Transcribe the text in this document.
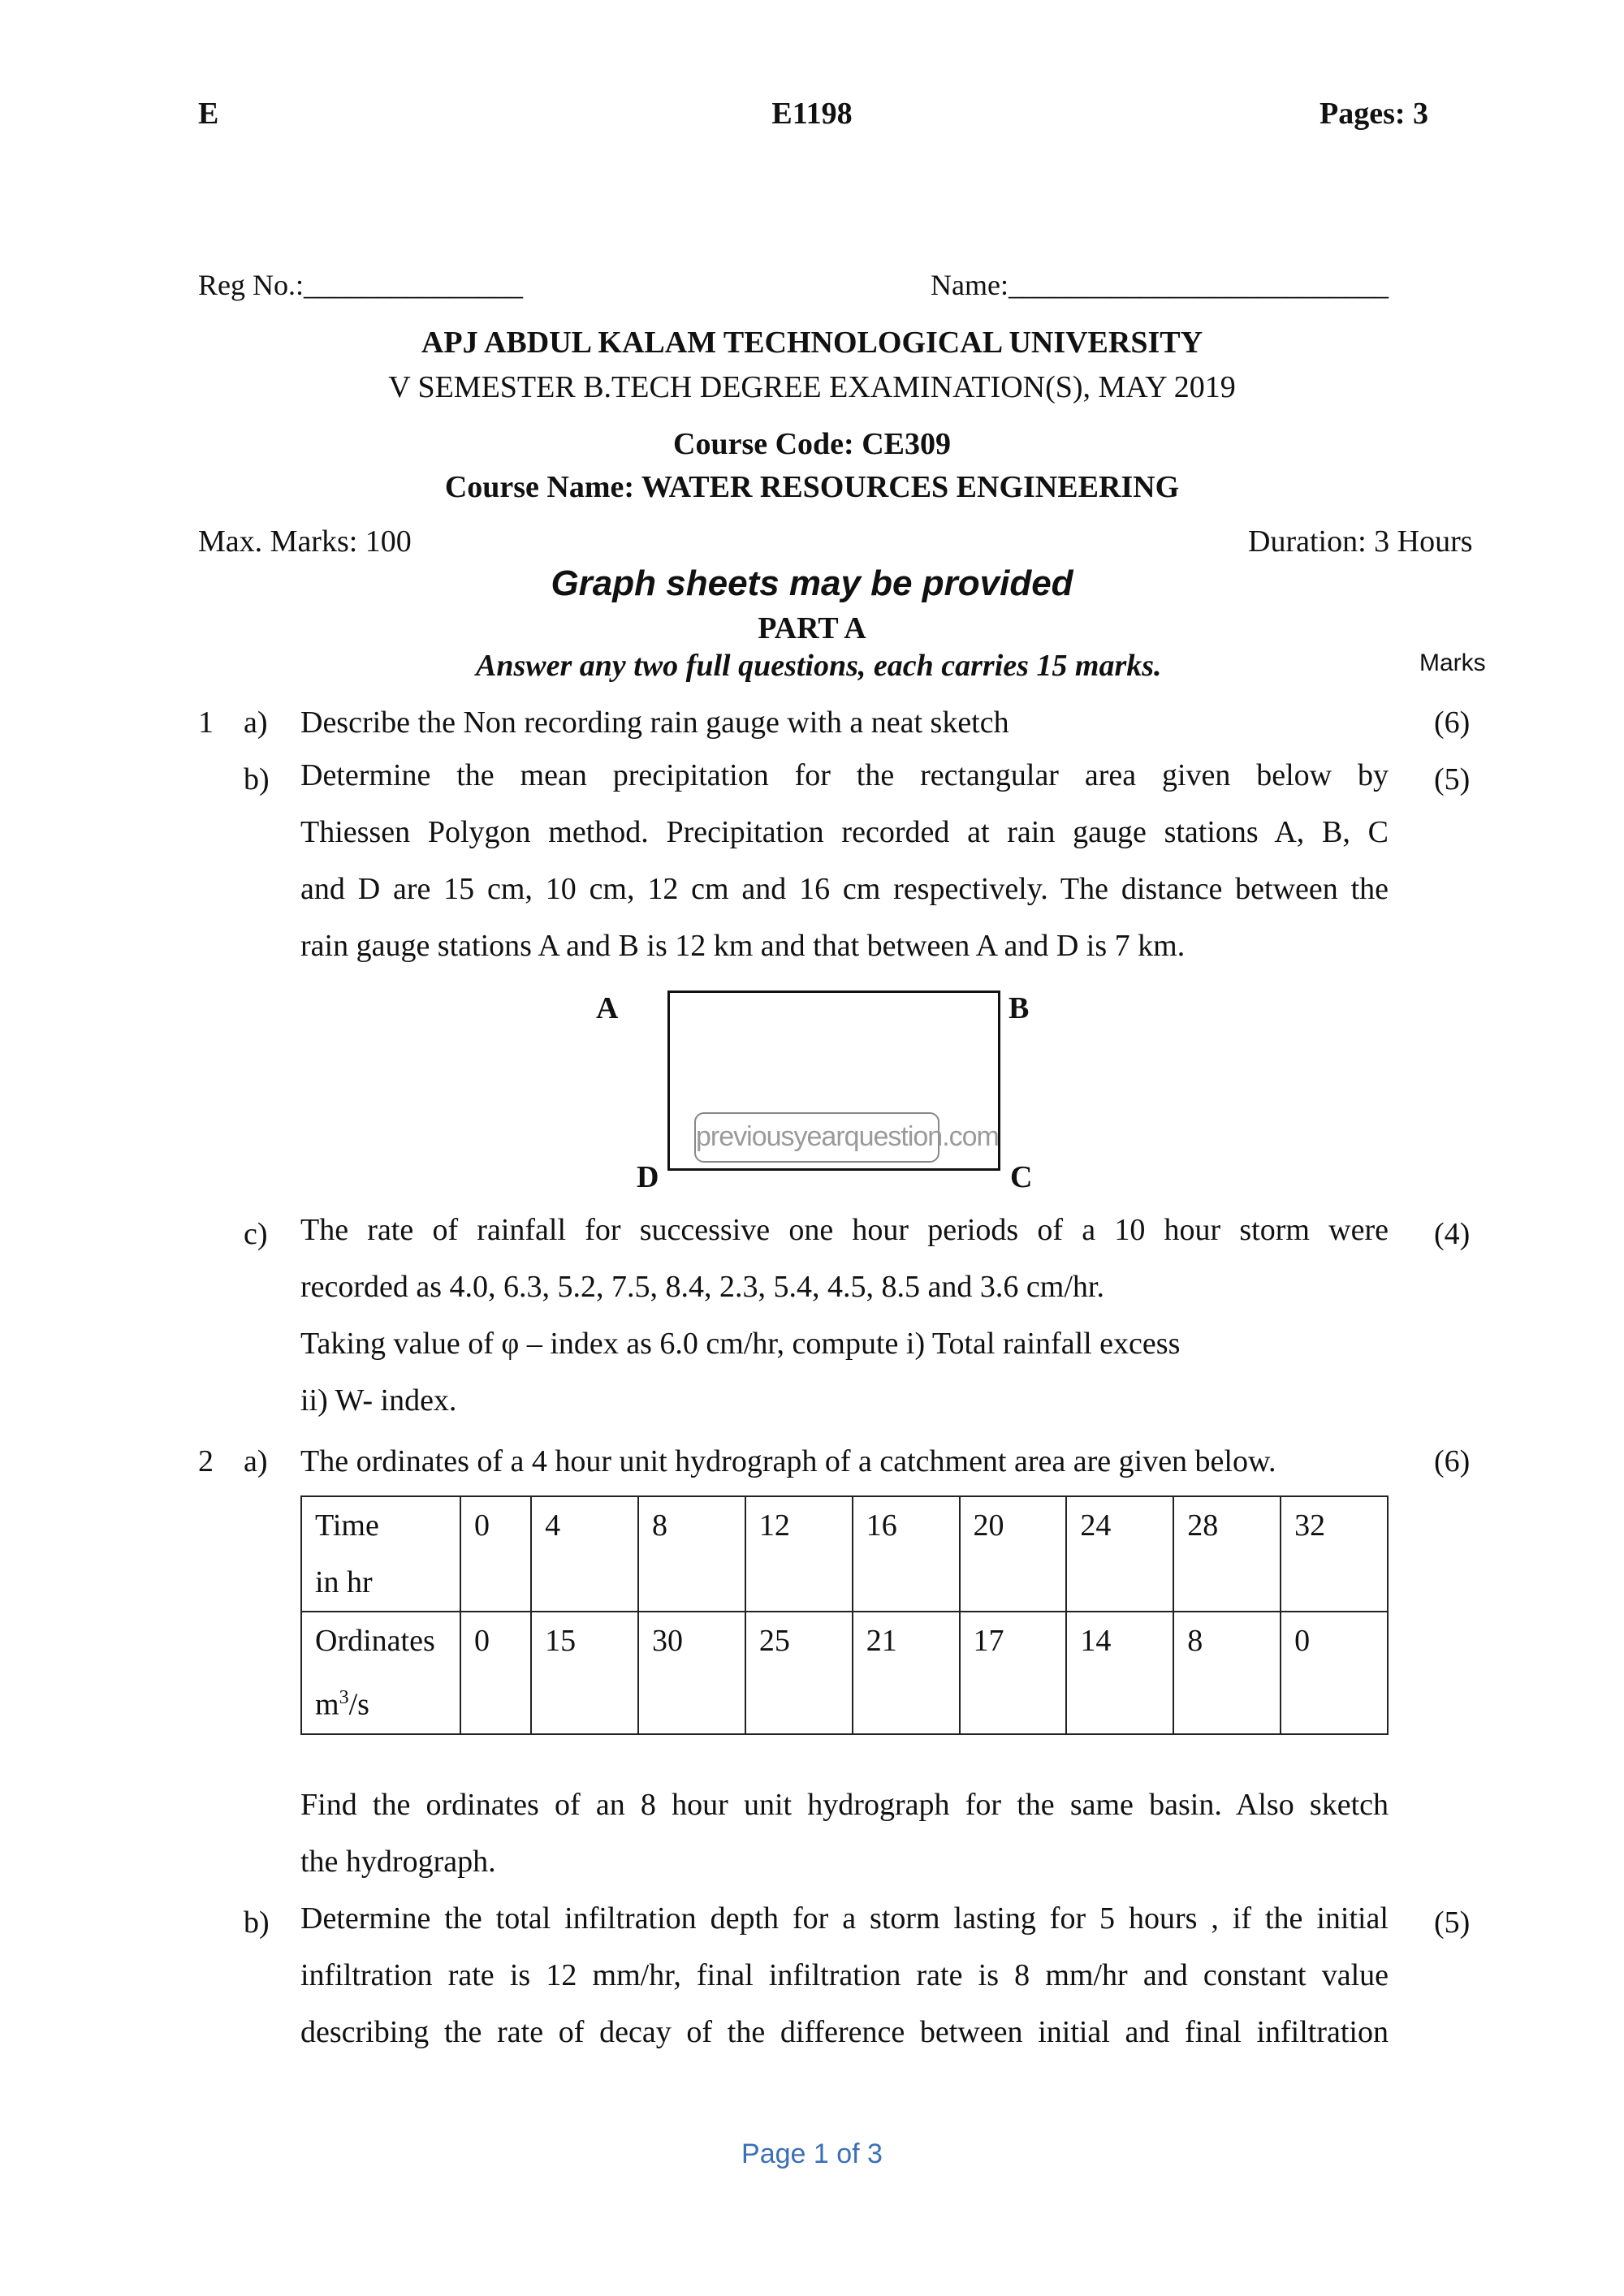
E	E1198	Pages: 3
Reg No.:_______________	Name:__________________________
APJ ABDUL KALAM TECHNOLOGICAL UNIVERSITY
V SEMESTER B.TECH DEGREE EXAMINATION(S), MAY 2019
Course Code: CE309
Course Name: WATER RESOURCES ENGINEERING
Max. Marks: 100	Duration: 3 Hours
Graph sheets may be provided
PART A
Answer any two full questions, each carries 15 marks.	Marks
1 a) Describe the Non recording rain gauge with a neat sketch	(6)
b)	(5)
Determine the mean precipitation for the rectangular area given below by
Thiessen Polygon method. Precipitation recorded at rain gauge stations A, B, C
and D are 15 cm, 10 cm, 12 cm and 16 cm respectively. The distance between the
rain gauge stations A and B is 12 km and that between A and D is 7 km.
A	B
C
D
previousyearquestion.com
c)	(4)
The rate of rainfall for successive one hour periods of a 10 hour storm were
recorded as 4.0, 6.3, 5.2, 7.5, 8.4, 2.3, 5.4, 4.5, 8.5 and 3.6 cm/hr.
Taking value of φ – index as 6.0 cm/hr, compute i) Total rainfall excess
ii) W- index.
2 a) The ordinates of a 4 hour unit hydrograph of a catchment area are given below.	(6)
Time
in hr	0	4	8	12	16	20	24	28	32
Ordinates
$m^3/s$	0	15	30	25	21	17	14	8	0
Find the ordinates of an 8 hour unit hydrograph for the same basin. Also sketch
the hydrograph.
b)	(5)
Determine the total infiltration depth for a storm lasting for 5 hours , if the initial
infiltration rate is 12 mm/hr, final infiltration rate is 8 mm/hr and constant value
describing the rate of decay of the difference between initial and final infiltration
Page 1 of 3
